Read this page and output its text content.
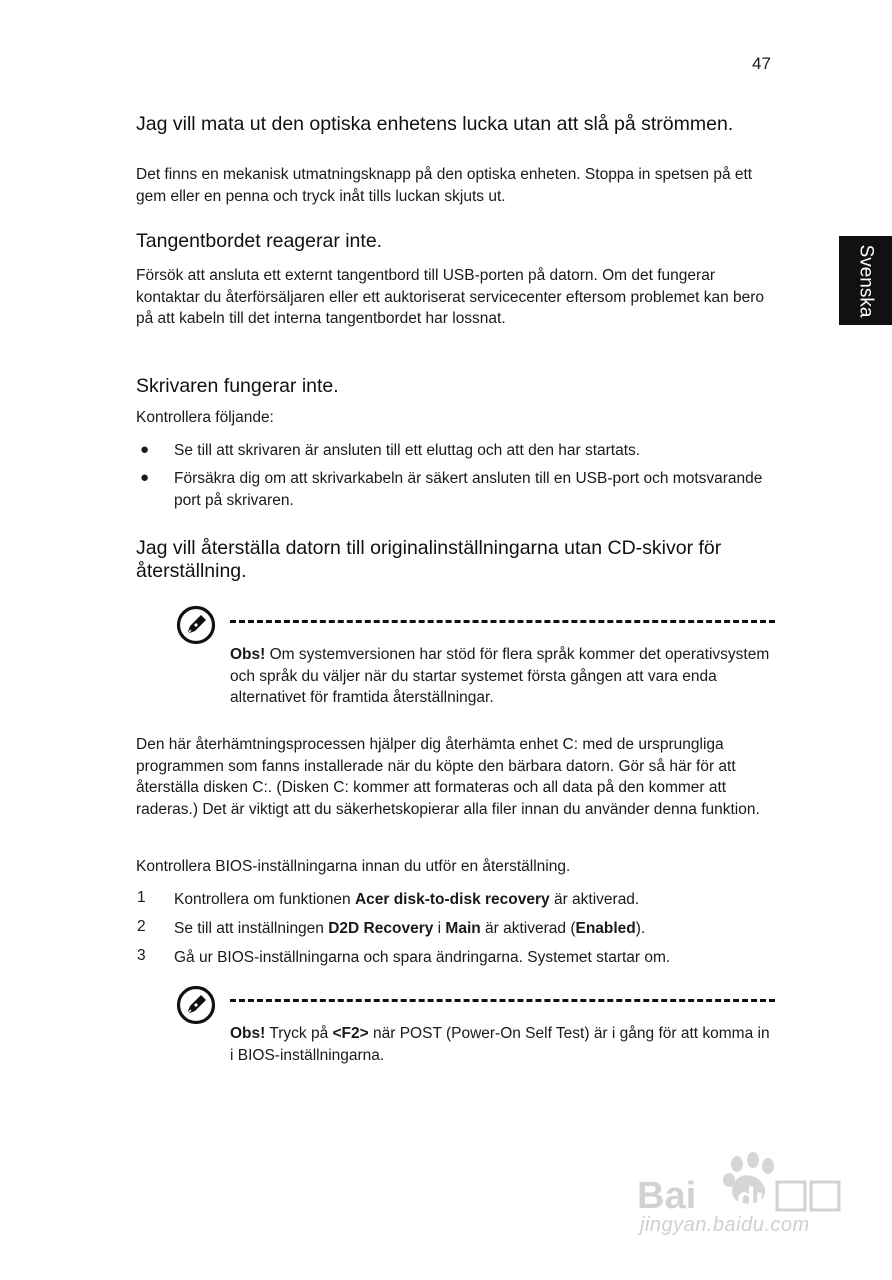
47
Svenska
Jag vill mata ut den optiska enhetens lucka utan att slå på strömmen.
Det finns en mekanisk utmatningsknapp på den optiska enheten. Stoppa in spetsen på ett gem eller en penna och tryck inåt tills luckan skjuts ut.
Tangentbordet reagerar inte.
Försök att ansluta ett externt tangentbord till USB-porten på datorn. Om det fungerar kontaktar du återförsäljaren eller ett auktoriserat servicecenter eftersom problemet kan bero på att kabeln till det interna tangentbordet har lossnat.
Skrivaren fungerar inte.
Kontrollera följande:
● Se till att skrivaren är ansluten till ett eluttag och att den har startats.
● Försäkra dig om att skrivarkabeln är säkert ansluten till en USB-port och motsvarande port på skrivaren.
Jag vill återställa datorn till originalinställningarna utan CD-skivor för återställning.
Obs! Om systemversionen har stöd för flera språk kommer det operativsystem och språk du väljer när du startar systemet första gången att vara enda alternativet för framtida återställningar.
Den här återhämtningsprocessen hjälper dig återhämta enhet C: med de ursprungliga programmen som fanns installerade när du köpte den bärbara datorn. Gör så här för att återställa disken C:. (Disken C: kommer att formateras och all data på den kommer att raderas.) Det är viktigt att du säkerhetskopierar alla filer innan du använder denna funktion.
Kontrollera BIOS-inställningarna innan du utför en återställning.
1 Kontrollera om funktionen Acer disk-to-disk recovery är aktiverad.
2 Se till att inställningen D2D Recovery i Main är aktiverad (Enabled).
3 Gå ur BIOS-inställningarna och spara ändringarna. Systemet startar om.
Obs! Tryck på <F2> när POST (Power-On Self Test) är i gång för att komma in i BIOS-inställningarna.
Bai du
jingyan.baidu.com
